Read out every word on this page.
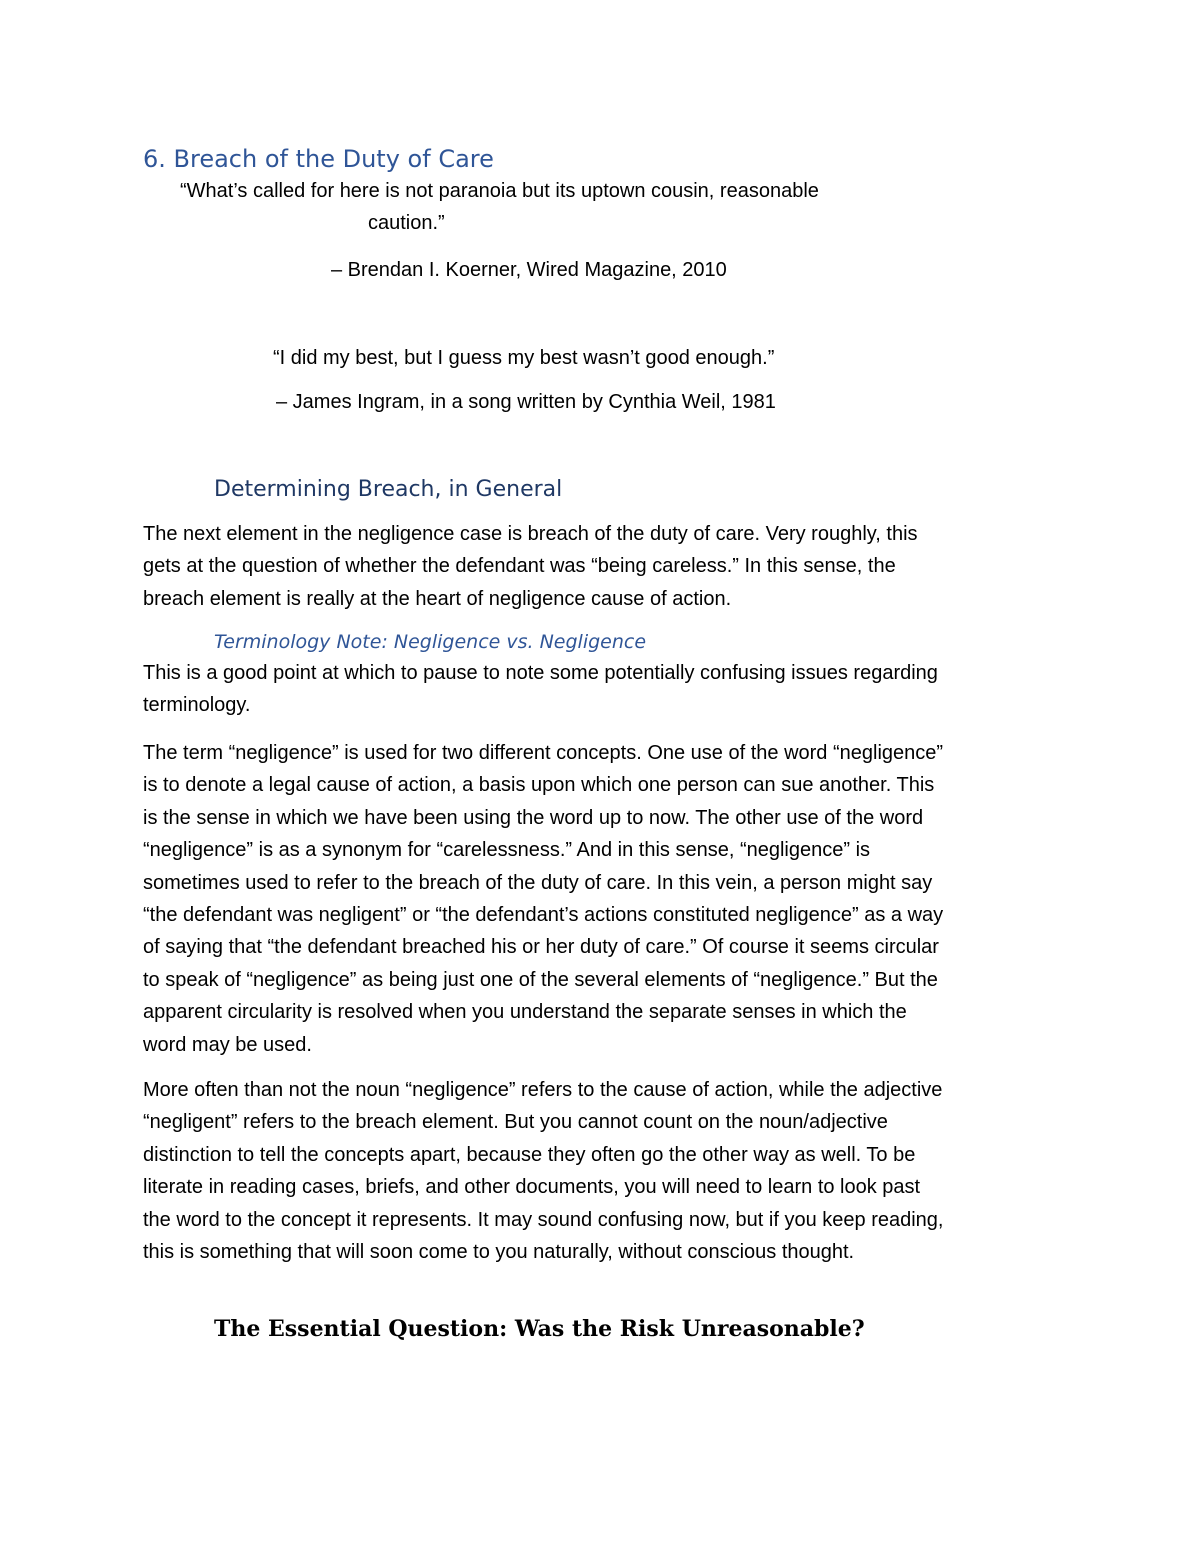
6. Breach of the Duty of Care

“What’s called for here is not paranoia but its uptown cousin, reasonable

caution.”

– Brendan I. Koerner, Wired Magazine, 2010

“I did my best, but I guess my best wasn’t good enough.”

– James Ingram, in a song written by Cynthia Weil, 1981

Determining Breach, in General

The next element in the negligence case is breach of the duty of care. Very roughly, this gets at the question of whether the defendant was “being careless.” In this sense, the breach element is really at the heart of negligence cause of action.

Terminology Note: Negligence vs. Negligence

This is a good point at which to pause to note some potentially confusing issues regarding terminology.

The term “negligence” is used for two different concepts. One use of the word “negligence” is to denote a legal cause of action, a basis upon which one person can sue another. This is the sense in which we have been using the word up to now. The other use of the word “negligence” is as a synonym for “carelessness.” And in this sense, “negligence” is sometimes used to refer to the breach of the duty of care. In this vein, a person might say “the defendant was negligent” or “the defendant’s actions constituted negligence” as a way of saying that “the defendant breached his or her duty of care.” Of course it seems circular to speak of “negligence” as being just one of the several elements of “negligence.” But the apparent circularity is resolved when you understand the separate senses in which the word may be used.

More often than not the noun “negligence” refers to the cause of action, while the adjective “negligent” refers to the breach element. But you cannot count on the noun/adjective distinction to tell the concepts apart, because they often go the other way as well. To be literate in reading cases, briefs, and other documents, you will need to learn to look past the word to the concept it represents. It may sound confusing now, but if you keep reading, this is something that will soon come to you naturally, without conscious thought.

The Essential Question: Was the Risk Unreasonable?
